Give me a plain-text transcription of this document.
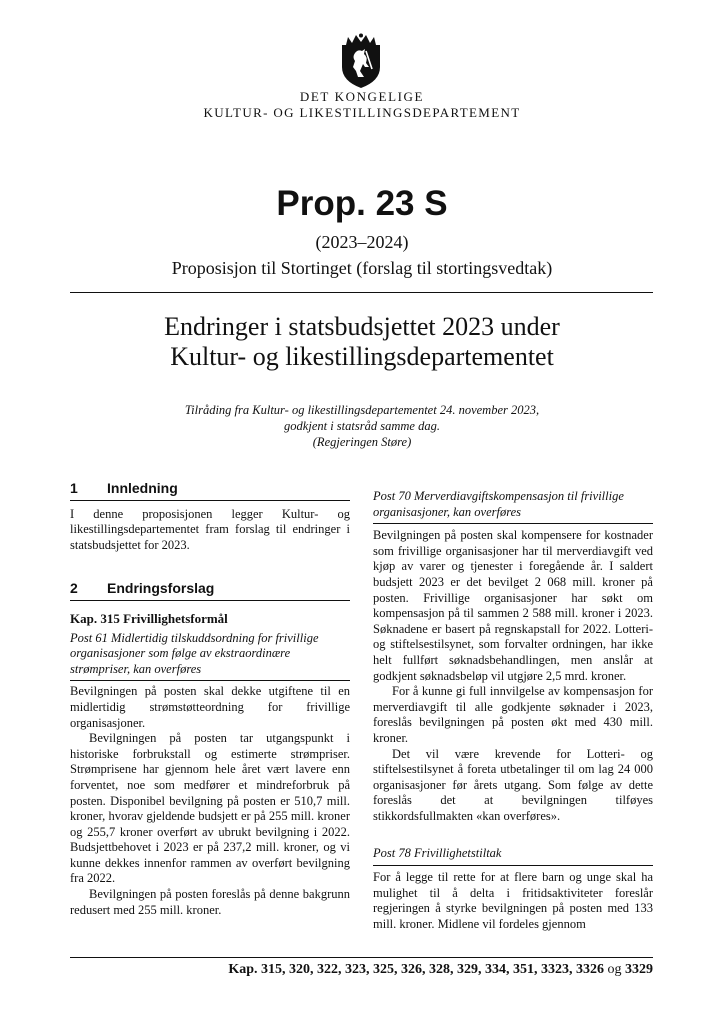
DET KONGELIGE
KULTUR- OG LIKESTILLINGSDEPARTEMENT
Prop. 23 S
(2023–2024)
Proposisjon til Stortinget (forslag til stortingsvedtak)
Endringer i statsbudsjettet 2023 under
Kultur- og likestillingsdepartementet
Tilråding fra Kultur- og likestillingsdepartementet 24. november 2023,
godkjent i statsråd samme dag.
(Regjeringen Støre)
1	Innledning

I denne proposisjonen legger Kultur- og likestillingsdepartementet fram forslag til endringer i statsbudsjettet for 2023.

2	Endringsforslag
Kap. 315 Frivillighetsformål
Post 61 Midlertidig tilskuddsordning for frivillige organisasjoner som følge av ekstraordinære strømpriser, kan overføres

Bevilgningen på posten skal dekke utgiftene til en midlertidig strømstøtteordning for frivillige organisasjoner.

Bevilgningen på posten tar utgangspunkt i historiske forbrukstall og estimerte strømpriser. Strømprisene har gjennom hele året vært lavere enn forventet, noe som medfører et mindreforbruk på posten. Disponibel bevilgning på posten er 510,7 mill. kroner, hvorav gjeldende budsjett er på 255 mill. kroner og 255,7 kroner overført av ubrukt bevilgning i 2022. Budsjettbehovet i 2023 er på 237,2 mill. kroner, og vi kunne dekkes innenfor rammen av overført bevilgning fra 2022.

Bevilgningen på posten foreslås på denne bakgrunn redusert med 255 mill. kroner.

Post 70 Merverdiavgiftskompensasjon til frivillige organisasjoner, kan overføres

Bevilgningen på posten skal kompensere for kostnader som frivillige organisasjoner har til merverdiavgift ved kjøp av varer og tjenester i foregående år. I saldert budsjett 2023 er det bevilget 2 068 mill. kroner på posten. Frivillige organisasjoner har søkt om kompensasjon på til sammen 2 588 mill. kroner i 2023. Søknadene er basert på regnskapstall for 2022. Lotteri- og stiftelsestilsynet, som forvalter ordningen, har ikke helt fullført søknadsbehandlingen, men anslår at godkjent søknadsbeløp vil utgjøre 2,5 mrd. kroner.

For å kunne gi full innvilgelse av kompensasjon for merverdiavgift til alle godkjente søknader i 2023, foreslås bevilgningen på posten økt med 430 mill. kroner.

Det vil være krevende for Lotteri- og stiftelsestilsynet å foreta utbetalinger til om lag 24 000 organisasjoner før årets utgang. Som følge av dette foreslås det at bevilgningen tilføyes stikkordsfullmakten «kan overføres».

Post 78 Frivillighetstiltak

For å legge til rette for at flere barn og unge skal ha mulighet til å delta i fritidsaktiviteter foreslår regjeringen å styrke bevilgningen på posten med 133 mill. kroner. Midlene vil fordeles gjennom

Kap. 315, 320, 322, 323, 325, 326, 328, 329, 334, 351, 3323, 3326 og 3329
